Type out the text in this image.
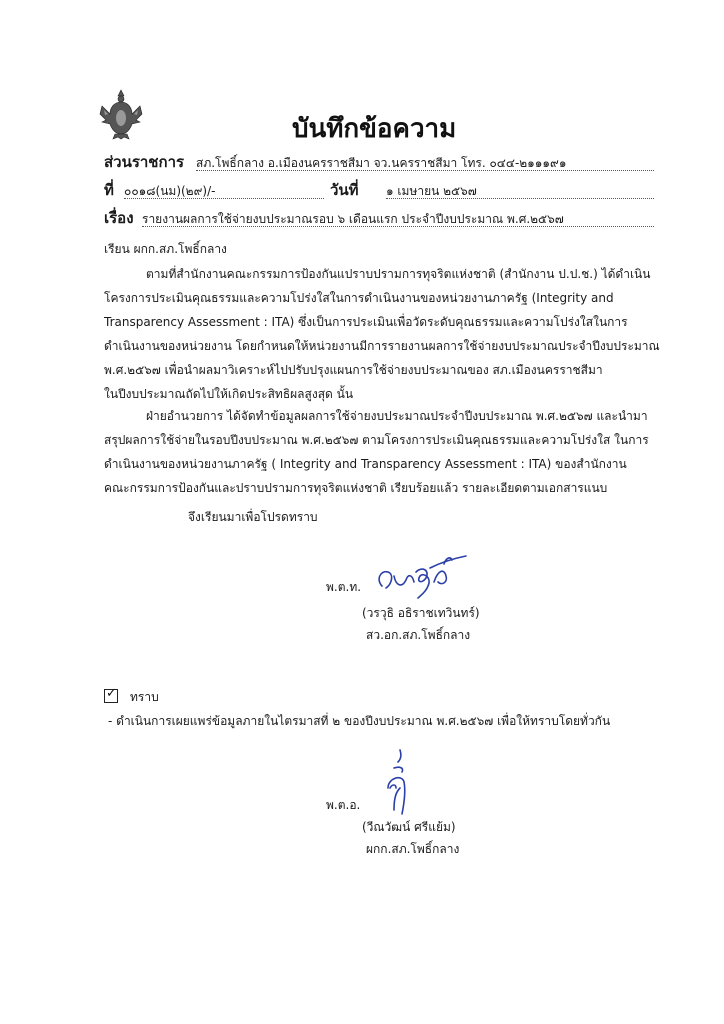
บันทึกข้อความ
ส่วนราชการ สภ.โพธิ์กลาง อ.เมืองนครราชสีมา จว.นครราชสีมา โทร. ๐๔๔-๒๑๑๑๙๑
ที่ ๐๐๑๘(นม)(๒๙)/-	วันที่ ๑ เมษายน ๒๕๖๗
เรื่อง รายงานผลการใช้จ่ายงบประมาณรอบ ๖ เดือนแรก ประจำปีงบประมาณ พ.ศ.๒๕๖๗
เรียน ผกก.สภ.โพธิ์กลาง
ตามที่สำนักงานคณะกรรมการป้องกันแปราบปรามการทุจริตแห่งชาติ (สำนักงาน ป.ป.ช.) ได้ดำเนิน
โครงการประเมินคุณธรรมและความโปร่งใสในการดำเนินงานของหน่วยงานภาครัฐ (Integrity and
Transparency Assessment : ITA) ซึ่งเป็นการประเมินเพื่อวัดระดับคุณธรรมและความโปร่งใสในการ
ดำเนินงานของหน่วยงาน โดยกำหนดให้หน่วยงานมีการรายงานผลการใช้จ่ายงบประมาณประจำปีงบประมาณ
พ.ศ.๒๕๖๗ เพื่อนำผลมาวิเคราะห์ไปปรับปรุงแผนการใช้จ่ายงบประมาณของ สภ.เมืองนครราชสีมา
ในปีงบประมาณถัดไปให้เกิดประสิทธิผลสูงสุด นั้น
ฝ่ายอำนวยการ ได้จัดทำข้อมูลผลการใช้จ่ายงบประมาณประจำปีงบประมาณ พ.ศ.๒๕๖๗ และนำมา
สรุปผลการใช้จ่ายในรอบปีงบประมาณ พ.ศ.๒๕๖๗ ตามโครงการประเมินคุณธรรมและความโปร่งใส ในการ
ดำเนินงานของหน่วยงานภาครัฐ ( Integrity and Transparency Assessment : ITA) ของสำนักงาน
คณะกรรมการป้องกันและปราบปรามการทุจริตแห่งชาติ เรียบร้อยแล้ว รายละเอียดตามเอกสารแนบ
จึงเรียนมาเพื่อโปรดทราบ
พ.ต.ท.
(วรวุธิ อธิราชเทวินทร์)
สว.อก.สภ.โพธิ์กลาง
✓ ทราบ
- ดำเนินการเผยแพร่ข้อมูลภายในไตรมาสที่ ๒ ของปีงบประมาณ พ.ศ.๒๕๖๗ เพื่อให้ทราบโดยทั่วกัน
พ.ต.อ.
(วีณวัฒน์ ศรีแย้ม)
ผกก.สภ.โพธิ์กลาง
